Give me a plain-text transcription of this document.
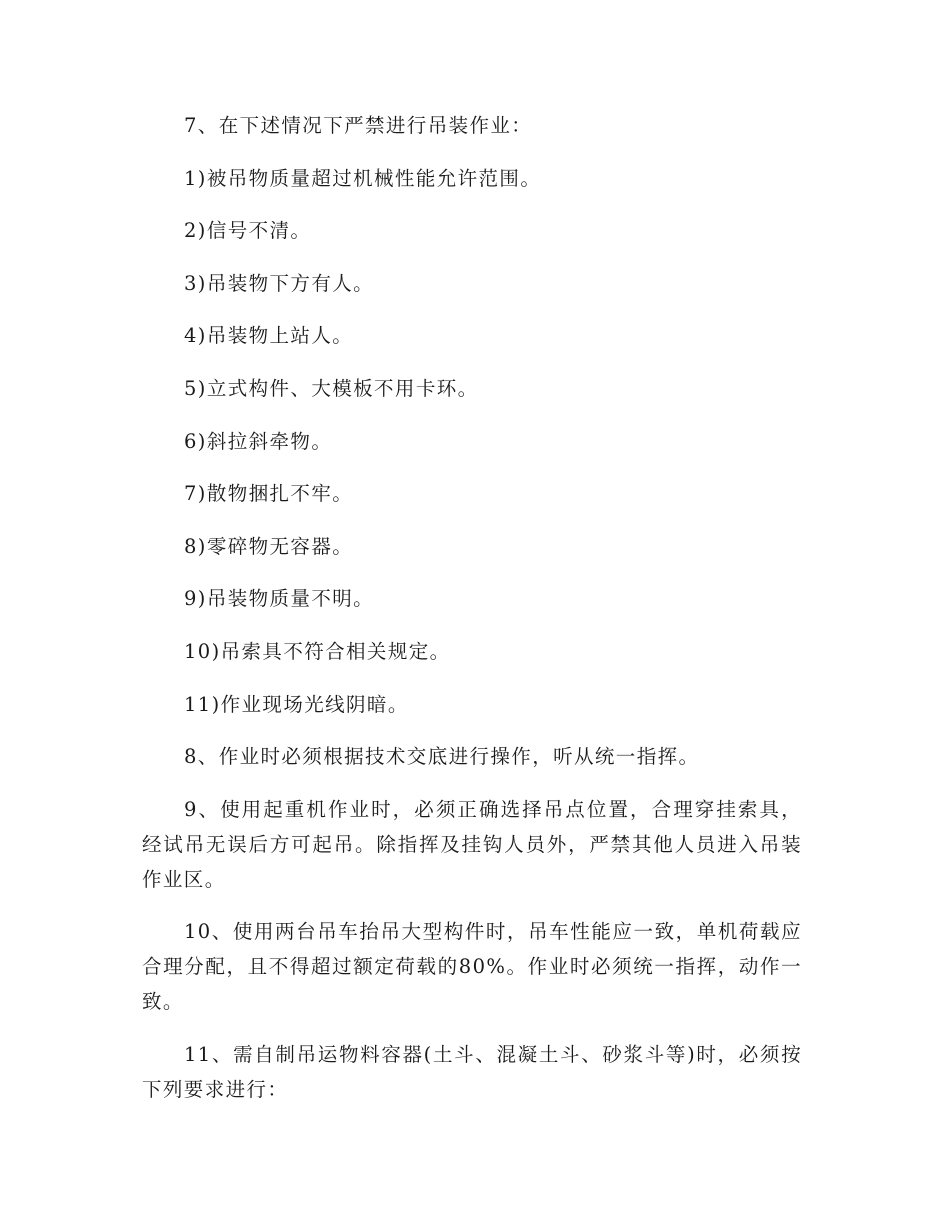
7、在下述情况下严禁进行吊装作业：

1)被吊物质量超过机械性能允许范围。

2)信号不清。

3)吊装物下方有人。

4)吊装物上站人。

5)立式构件、大模板不用卡环。

6)斜拉斜牵物。

7)散物捆扎不牢。

8)零碎物无容器。

9)吊装物质量不明。

10)吊索具不符合相关规定。

11)作业现场光线阴暗。

8、作业时必须根据技术交底进行操作，听从统一指挥。

9、使用起重机作业时，必须正确选择吊点位置，合理穿挂索具，经试吊无误后方可起吊。除指挥及挂钩人员外，严禁其他人员进入吊装作业区。

10、使用两台吊车抬吊大型构件时，吊车性能应一致，单机荷载应合理分配，且不得超过额定荷载的80%。作业时必须统一指挥，动作一致。

11、需自制吊运物料容器(土斗、混凝土斗、砂浆斗等)时，必须按下列要求进行：
